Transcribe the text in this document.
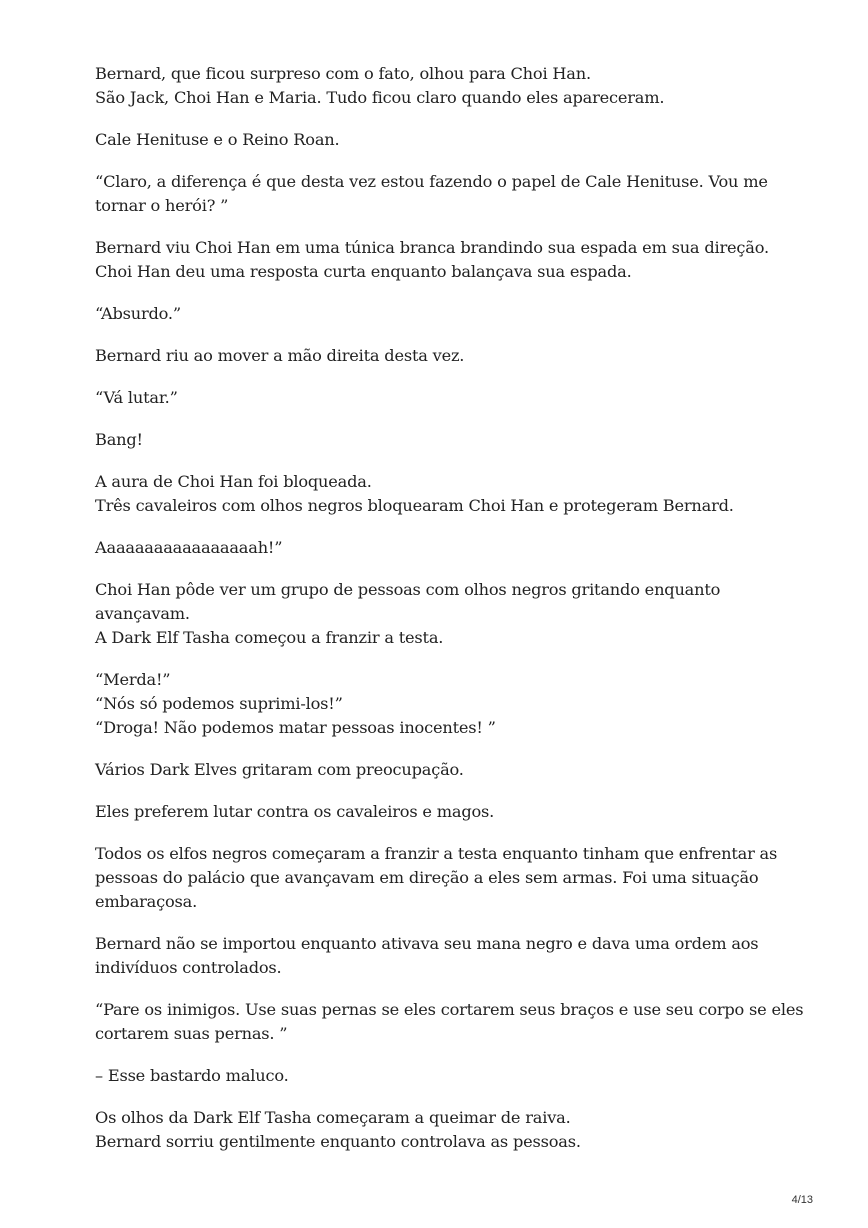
Bernard, que ficou surpreso com o fato, olhou para Choi Han.
São Jack, Choi Han e Maria. Tudo ficou claro quando eles apareceram.
Cale Henituse e o Reino Roan.
“Claro, a diferença é que desta vez estou fazendo o papel de Cale Henituse. Vou me
tornar o herói? ”
Bernard viu Choi Han em uma túnica branca brandindo sua espada em sua direção.
Choi Han deu uma resposta curta enquanto balançava sua espada.
“Absurdo.”
Bernard riu ao mover a mão direita desta vez.
“Vá lutar.”
Bang!
A aura de Choi Han foi bloqueada.
Três cavaleiros com olhos negros bloquearam Choi Han e protegeram Bernard.
Aaaaaaaaaaaaaaaaah!”
Choi Han pôde ver um grupo de pessoas com olhos negros gritando enquanto
avançavam.
A Dark Elf Tasha começou a franzir a testa.
“Merda!”
“Nós só podemos suprimi-los!”
“Droga! Não podemos matar pessoas inocentes! ”
Vários Dark Elves gritaram com preocupação.
Eles preferem lutar contra os cavaleiros e magos.
Todos os elfos negros começaram a franzir a testa enquanto tinham que enfrentar as
pessoas do palácio que avançavam em direção a eles sem armas. Foi uma situação
embaraçosa.
Bernard não se importou enquanto ativava seu mana negro e dava uma ordem aos
indivíduos controlados.
“Pare os inimigos. Use suas pernas se eles cortarem seus braços e use seu corpo se eles
cortarem suas pernas. ”
– Esse bastardo maluco.
Os olhos da Dark Elf Tasha começaram a queimar de raiva.
Bernard sorriu gentilmente enquanto controlava as pessoas.
4/13
